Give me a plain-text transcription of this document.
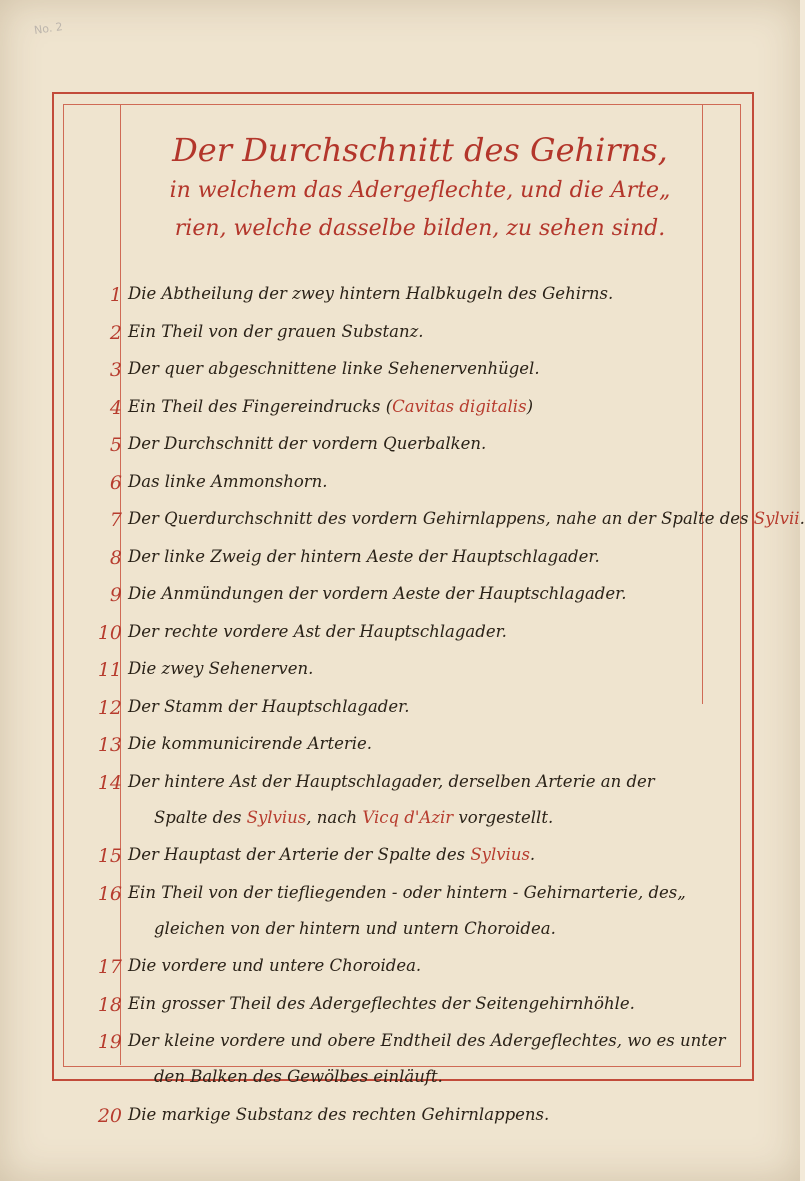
No. 2
Der Durchschnitt des Gehirns,
in welchem das Adergeflechte, und die Arte„
rien, welche dasselbe bilden, zu sehen sind.
1 Die Abtheilung der zwey hintern Halbkugeln des Gehirns.
2 Ein Theil von der grauen Substanz.
3 Der quer abgeschnittene linke Sehenervenhügel.
4 Ein Theil des Fingereindrucks (Cavitas digitalis)
5 Der Durchschnitt der vordern Querbalken.
6 Das linke Ammonshorn.
7 Der Querdurchschnitt des vordern Gehirnlappens, nahe an der Spalte des Sylvii.
8 Der linke Zweig der hintern Aeste der Hauptschlagader.
9 Die Anmündungen der vordern Aeste der Hauptschlagader.
10 Der rechte vordere Ast der Hauptschlagader.
11 Die zwey Sehenerven.
12 Der Stamm der Hauptschlagader.
13 Die kommunicirende Arterie.
14 Der hintere Ast der Hauptschlagader, derselben Arterie an der
Spalte des Sylvius, nach Vicq d'Azir vorgestellt.
15 Der Hauptast der Arterie der Spalte des Sylvius.
16 Ein Theil von der tiefliegenden - oder hintern - Gehirnarterie, des„
gleichen von der hintern und untern Choroidea.
17 Die vordere und untere Choroidea.
18 Ein grosser Theil des Adergeflechtes der Seitengehirnhöhle.
19 Der kleine vordere und obere Endtheil des Adergeflechtes, wo es unter
den Balken des Gewölbes einläuft.
20 Die markige Substanz des rechten Gehirnlappens.
